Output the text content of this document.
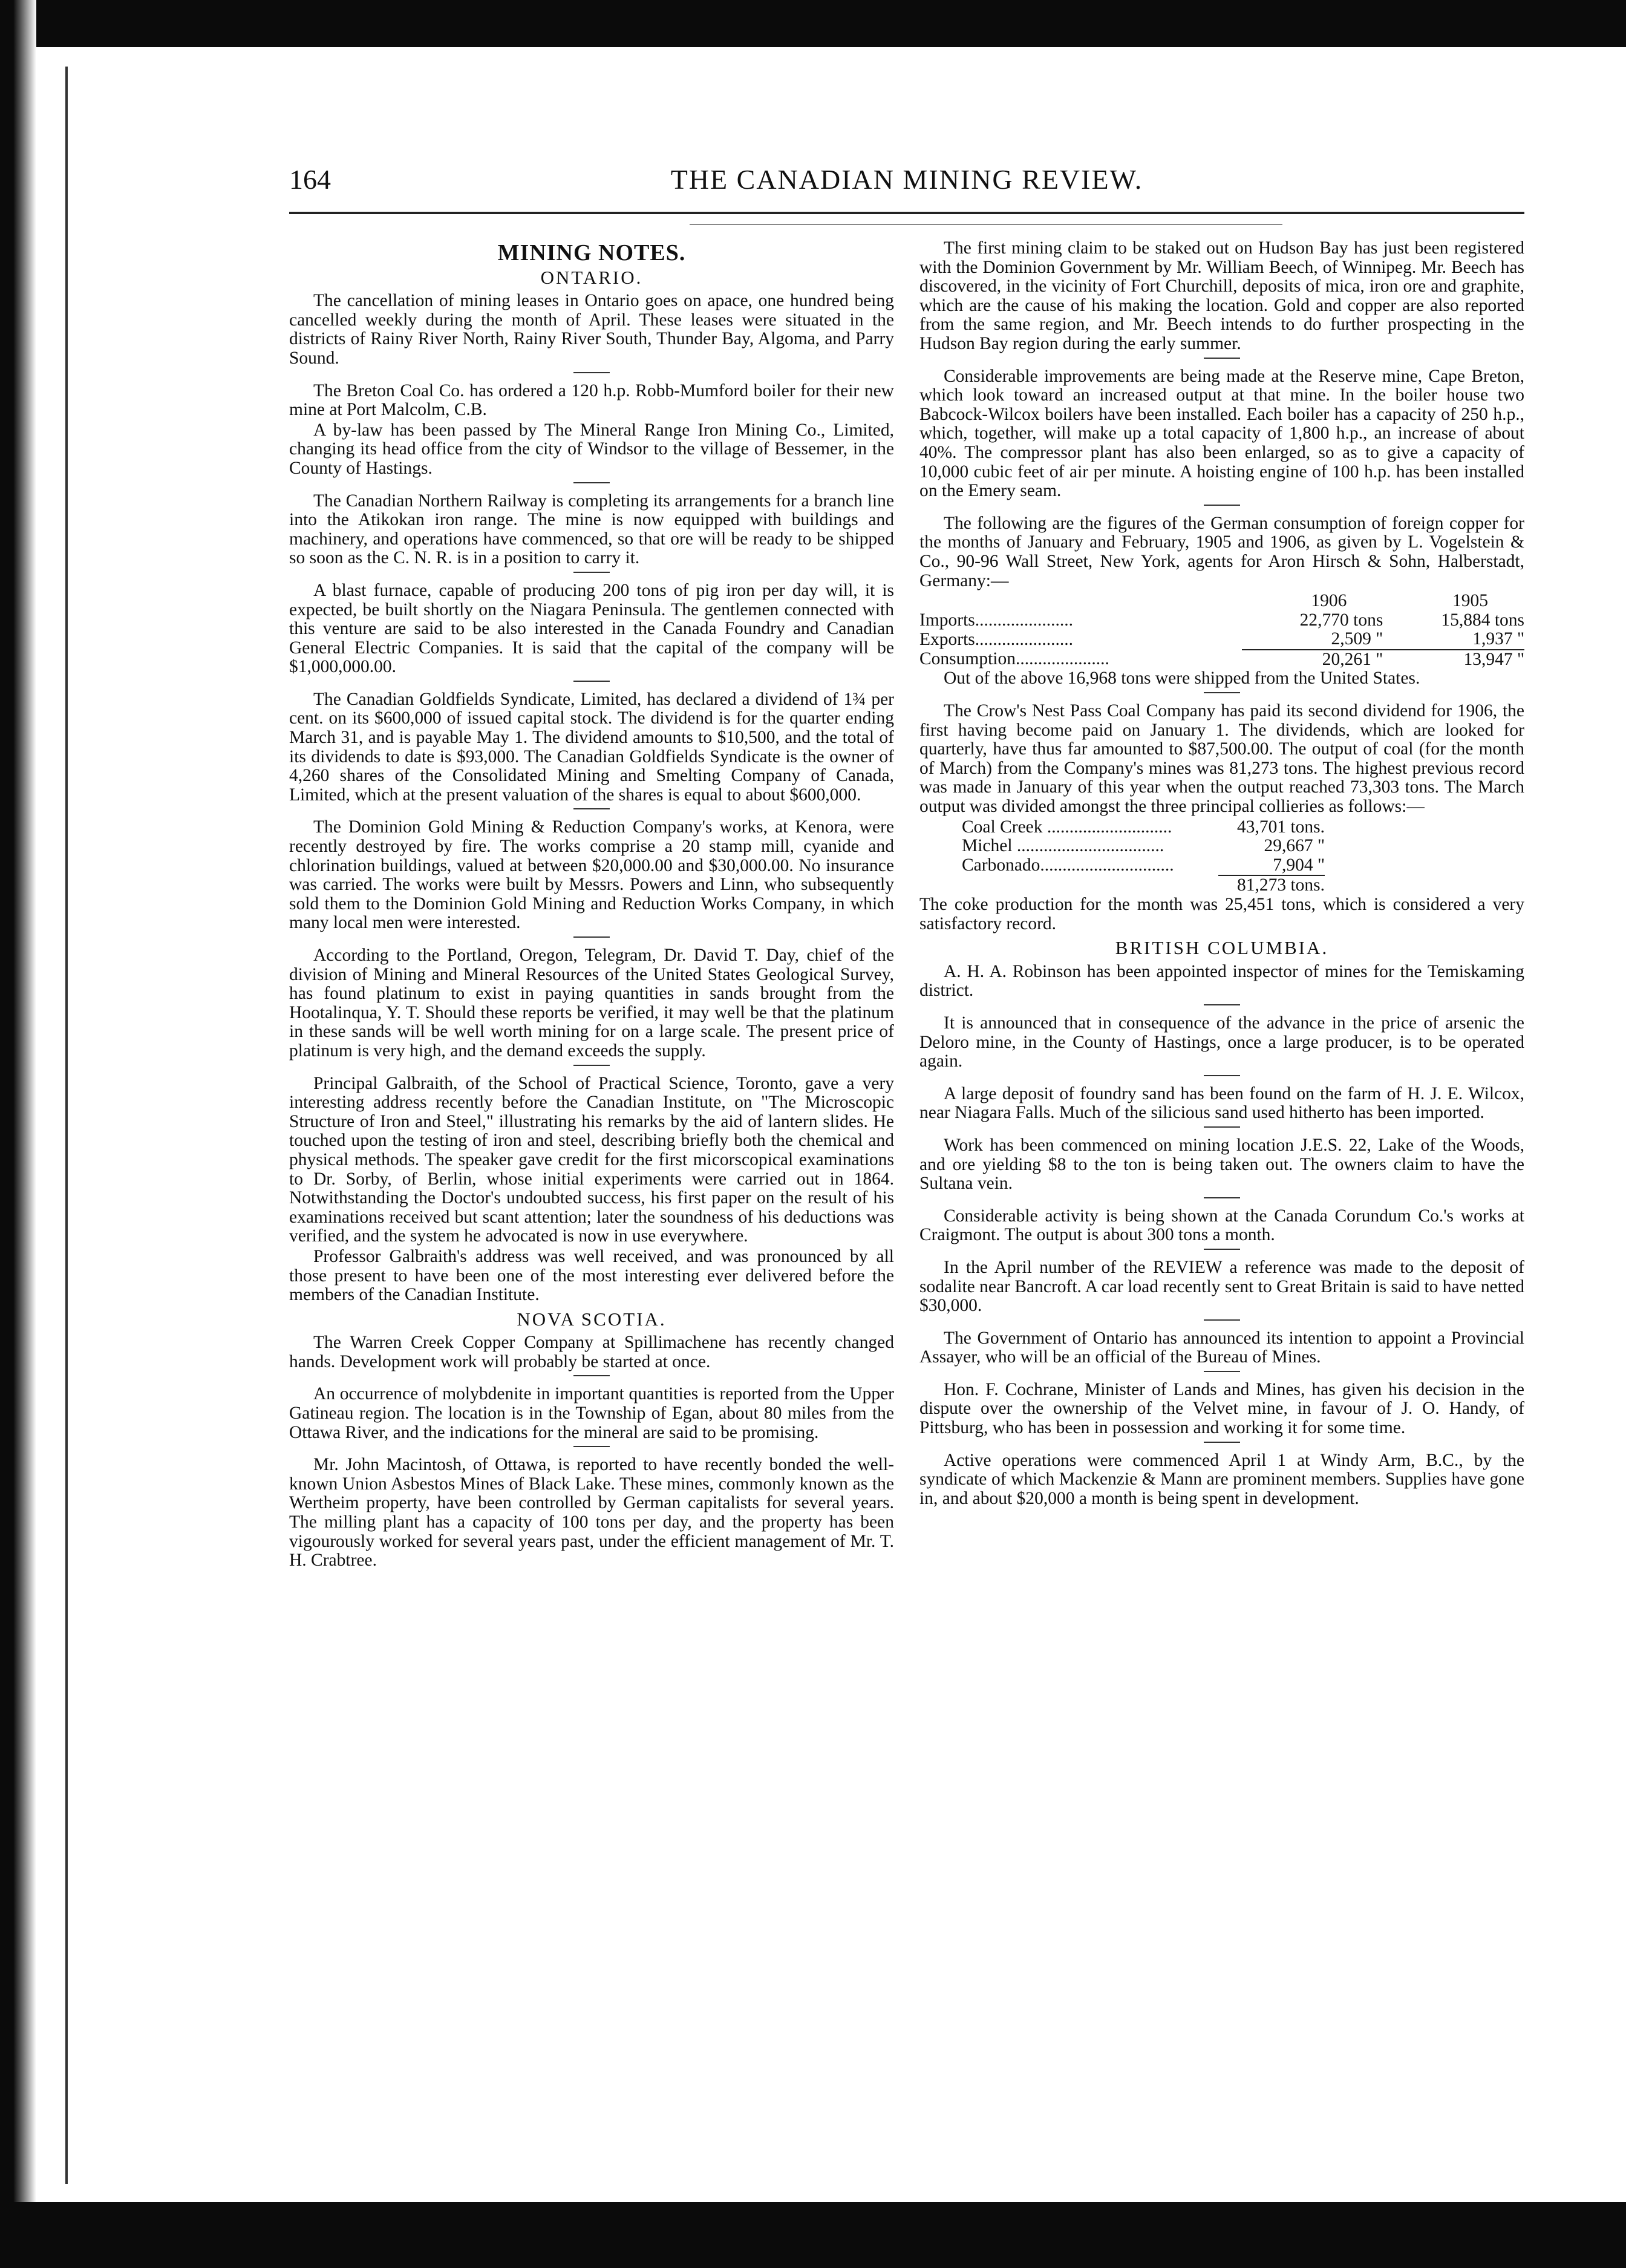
164	THE CANADIAN MINING REVIEW.
MINING NOTES.
ONTARIO.

The cancellation of mining leases in Ontario goes on apace, one hundred being cancelled weekly during the month of April. These leases were situated in the districts of Rainy River North, Rainy River South, Thunder Bay, Algoma, and Parry Sound.

The Breton Coal Co. has ordered a 120 h.p. Robb-Mumford boiler for their new mine at Port Malcolm, C.B.

A by-law has been passed by The Mineral Range Iron Mining Co., Limited, changing its head office from the city of Windsor to the village of Bessemer, in the County of Hastings.

The Canadian Northern Railway is completing its arrangements for a branch line into the Atikokan iron range. The mine is now equipped with buildings and machinery, and operations have commenced, so that ore will be ready to be shipped so soon as the C. N. R. is in a position to carry it.

A blast furnace, capable of producing 200 tons of pig iron per day will, it is expected, be built shortly on the Niagara Peninsula. The gentlemen connected with this venture are said to be also interested in the Canada Foundry and Canadian General Electric Companies. It is said that the capital of the company will be $1,000,000.00.

The Canadian Goldfields Syndicate, Limited, has declared a dividend of 1¾ per cent. on its $600,000 of issued capital stock. The dividend is for the quarter ending March 31, and is payable May 1. The dividend amounts to $10,500, and the total of its dividends to date is $93,000. The Canadian Goldfields Syndicate is the owner of 4,260 shares of the Consolidated Mining and Smelting Company of Canada, Limited, which at the present valuation of the shares is equal to about $600,000.

The Dominion Gold Mining & Reduction Company's works, at Kenora, were recently destroyed by fire. The works comprise a 20 stamp mill, cyanide and chlorination buildings, valued at between $20,000.00 and $30,000.00. No insurance was carried. The works were built by Messrs. Powers and Linn, who subsequently sold them to the Dominion Gold Mining and Reduction Works Company, in which many local men were interested.

According to the Portland, Oregon, Telegram, Dr. David T. Day, chief of the division of Mining and Mineral Resources of the United States Geological Survey, has found platinum to exist in paying quantities in sands brought from the Hootalinqua, Y. T. Should these reports be verified, it may well be that the platinum in these sands will be well worth mining for on a large scale. The present price of platinum is very high, and the demand exceeds the supply.

Principal Galbraith, of the School of Practical Science, Toronto, gave a very interesting address recently before the Canadian Institute, on "The Microscopic Structure of Iron and Steel," illustrating his remarks by the aid of lantern slides. He touched upon the testing of iron and steel, describing briefly both the chemical and physical methods. The speaker gave credit for the first micorscopical examinations to Dr. Sorby, of Berlin, whose initial experiments were carried out in 1864. Notwithstanding the Doctor's undoubted success, his first paper on the result of his examinations received but scant attention; later the soundness of his deductions was verified, and the system he advocated is now in use everywhere.

Professor Galbraith's address was well received, and was pronounced by all those present to have been one of the most interesting ever delivered before the members of the Canadian Institute.

NOVA SCOTIA.

The Warren Creek Copper Company at Spillimachene has recently changed hands. Development work will probably be started at once.

An occurrence of molybdenite in important quantities is reported from the Upper Gatineau region. The location is in the Township of Egan, about 80 miles from the Ottawa River, and the indications for the mineral are said to be promising.

Mr. John Macintosh, of Ottawa, is reported to have recently bonded the well-known Union Asbestos Mines of Black Lake. These mines, commonly known as the Wertheim property, have been controlled by German capitalists for several years. The milling plant has a capacity of 100 tons per day, and the property has been vigourously worked for several years past, under the efficient management of Mr. T. H. Crabtree.

The first mining claim to be staked out on Hudson Bay has just been registered with the Dominion Government by Mr. William Beech, of Winnipeg. Mr. Beech has discovered, in the vicinity of Fort Churchill, deposits of mica, iron ore and graphite, which are the cause of his making the location. Gold and copper are also reported from the same region, and Mr. Beech intends to do further prospecting in the Hudson Bay region during the early summer.

Considerable improvements are being made at the Reserve mine, Cape Breton, which look toward an increased output at that mine. In the boiler house two Babcock-Wilcox boilers have been installed. Each boiler has a capacity of 250 h.p., which, together, will make up a total capacity of 1,800 h.p., an increase of about 40%. The compressor plant has also been enlarged, so as to give a capacity of 10,000 cubic feet of air per minute. A hoisting engine of 100 h.p. has been installed on the Emery seam.

The following are the figures of the German consumption of foreign copper for the months of January and February, 1905 and 1906, as given by L. Vogelstein & Co., 90-96 Wall Street, New York, agents for Aron Hirsch & Sohn, Halberstadt, Germany:—

	1906	1905
Imports......................	22,770 tons	15,884 tons
Exports......................	2,509 "	1,937 "
Consumption.....................	20,261 "	13,947 "

Out of the above 16,968 tons were shipped from the United States.

The Crow's Nest Pass Coal Company has paid its second dividend for 1906, the first having become paid on January 1. The dividends, which are looked for quarterly, have thus far amounted to $87,500.00. The output of coal (for the month of March) from the Company's mines was 81,273 tons. The highest previous record was made in January of this year when the output reached 73,303 tons. The March output was divided amongst the three principal collieries as follows:—

Coal Creek ............................	43,701 tons.
Michel .................................	29,667 "
Carbonado..............................	7,904 "
	81,273 tons.

The coke production for the month was 25,451 tons, which is considered a very satisfactory record.

BRITISH COLUMBIA.

A. H. A. Robinson has been appointed inspector of mines for the Temiskaming district.

It is announced that in consequence of the advance in the price of arsenic the Deloro mine, in the County of Hastings, once a large producer, is to be operated again.

A large deposit of foundry sand has been found on the farm of H. J. E. Wilcox, near Niagara Falls. Much of the silicious sand used hitherto has been imported.

Work has been commenced on mining location J.E.S. 22, Lake of the Woods, and ore yielding $8 to the ton is being taken out. The owners claim to have the Sultana vein.

Considerable activity is being shown at the Canada Corundum Co.'s works at Craigmont. The output is about 300 tons a month.

In the April number of the REVIEW a reference was made to the deposit of sodalite near Bancroft. A car load recently sent to Great Britain is said to have netted $30,000.

The Government of Ontario has announced its intention to appoint a Provincial Assayer, who will be an official of the Bureau of Mines.

Hon. F. Cochrane, Minister of Lands and Mines, has given his decision in the dispute over the ownership of the Velvet mine, in favour of J. O. Handy, of Pittsburg, who has been in possession and working it for some time.

Active operations were commenced April 1 at Windy Arm, B.C., by the syndicate of which Mackenzie & Mann are prominent members. Supplies have gone in, and about $20,000 a month is being spent in development.
